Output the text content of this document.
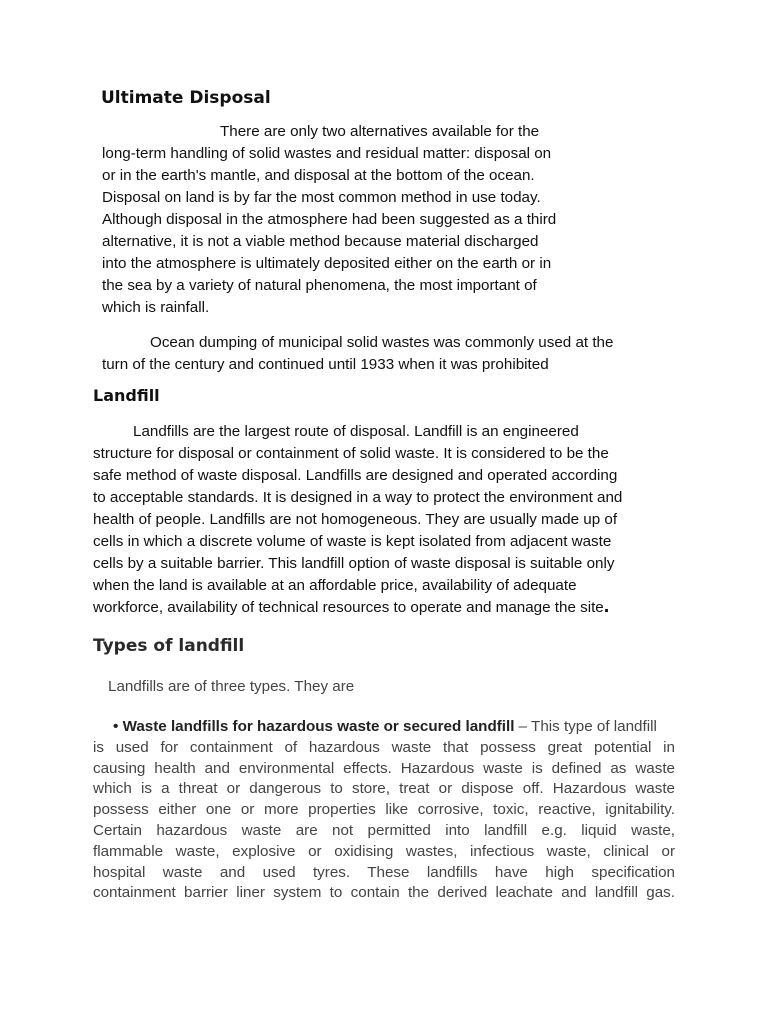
Ultimate Disposal

There are only two alternatives available for the

long-term handling of solid wastes and residual matter: disposal on

or in the earth's mantle, and disposal at the bottom of the ocean.

Disposal on land is by far the most common method in use today.

Although disposal in the atmosphere had been suggested as a third

alternative, it is not a viable method because material discharged

into the atmosphere is ultimately deposited either on the earth or in

the sea by a variety of natural phenomena, the most important of

which is rainfall.

Ocean dumping of municipal solid wastes was commonly used at the

turn of the century and continued until 1933 when it was prohibited

Landfill

Landfills are the largest route of disposal. Landfill is an engineered

structure for disposal or containment of solid waste. It is considered to be the

safe method of waste disposal. Landfills are designed and operated according

to acceptable standards. It is designed in a way to protect the environment and

health of people. Landfills are not homogeneous. They are usually made up of

cells in which a discrete volume of waste is kept isolated from adjacent waste

cells by a suitable barrier. This landfill option of waste disposal is suitable only

when the land is available at an affordable price, availability of adequate

workforce, availability of technical resources to operate and manage the site.

Types of landfill
Landfills are of three types. They are

• Waste landfills for hazardous waste or secured landfill – This type of landfill

is used for containment of hazardous waste that possess great potential in

causing health and environmental effects. Hazardous waste is defined as waste

which is a threat or dangerous to store, treat or dispose off. Hazardous waste

possess either one or more properties like corrosive, toxic, reactive, ignitability.

Certain hazardous waste are not permitted into landfill e.g. liquid waste,

flammable waste, explosive or oxidising wastes, infectious waste, clinical or

hospital waste and used tyres. These landfills have high specification

containment barrier liner system to contain the derived leachate and landfill gas.
